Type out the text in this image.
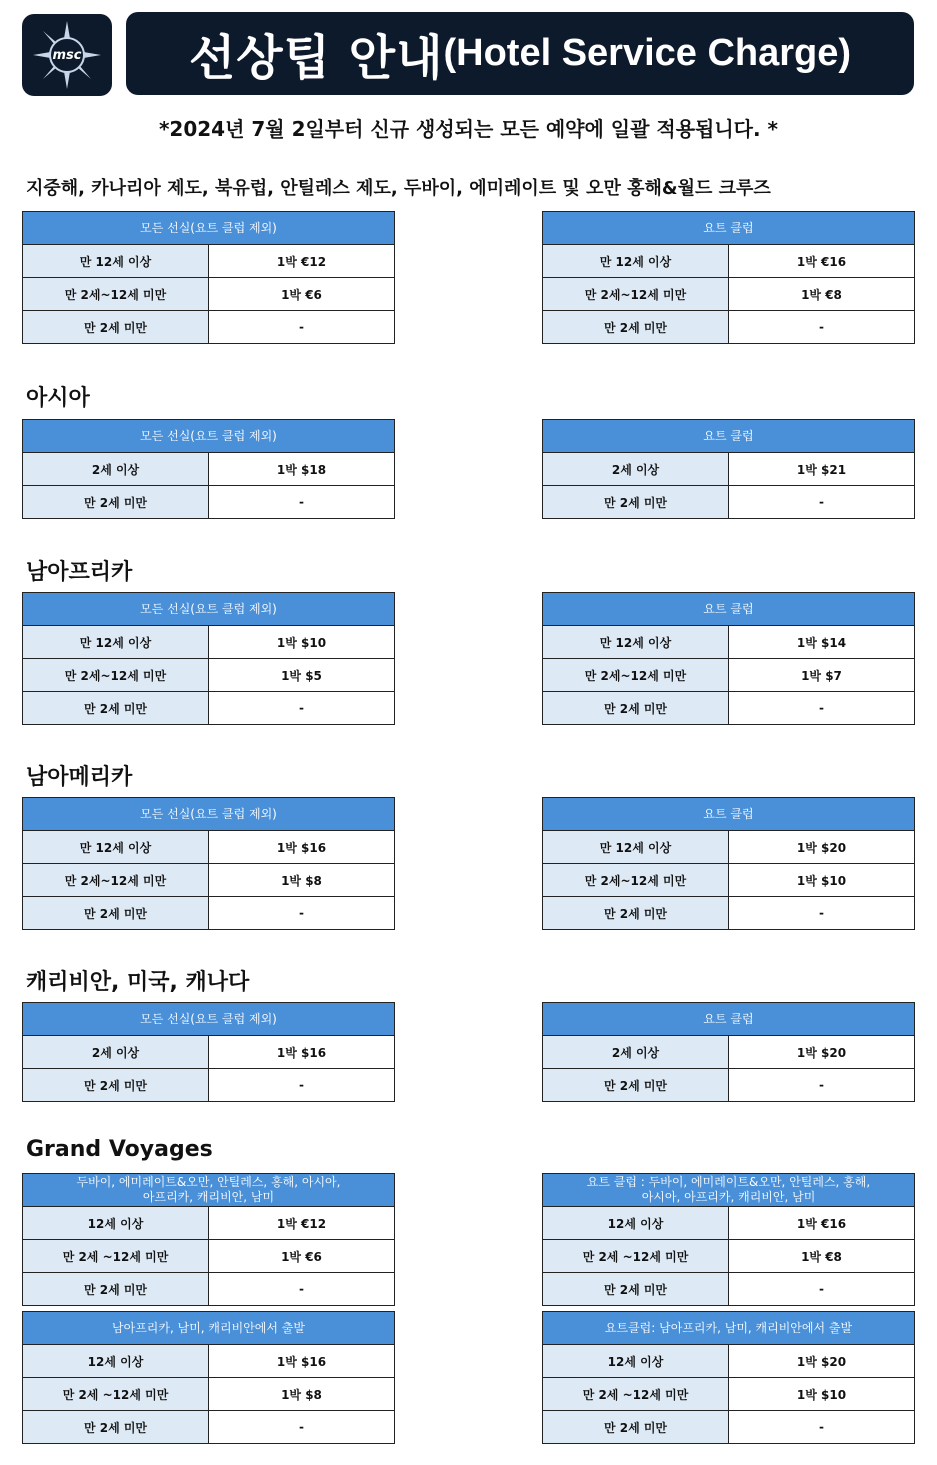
msc 선상팁 안내 (Hotel Service Charge)
*2024년 7월 2일부터 신규 생성되는 모든 예약에 일괄 적용됩니다. *
지중해, 카나리아 제도, 북유럽, 안틸레스 제도, 두바이, 에미레이트 및 오만 홍해&월드 크루즈
모든 선실(요트 클럽 제외)	
만 12세 이상	1박 €12
만 2세~12세 미만	1박 €6
만 2세 미만	-
요트 클럽	
만 12세 이상	1박 €16
만 2세~12세 미만	1박 €8
만 2세 미만	-
아시아
모든 선실(요트 클럽 제외)	
2세 이상	1박 $18
만 2세 미만	-
요트 클럽	
2세 이상	1박 $21
만 2세 미만	-
남아프리카
모든 선실(요트 클럽 제외)	
만 12세 이상	1박 $10
만 2세~12세 미만	1박 $5
만 2세 미만	-
요트 클럽	
만 12세 이상	1박 $14
만 2세~12세 미만	1박 $7
만 2세 미만	-
남아메리카
모든 선실(요트 클럽 제외)	
만 12세 이상	1박 $16
만 2세~12세 미만	1박 $8
만 2세 미만	-
요트 클럽	
만 12세 이상	1박 $20
만 2세~12세 미만	1박 $10
만 2세 미만	-
캐리비안, 미국, 캐나다
모든 선실(요트 클럽 제외)	
2세 이상	1박 $16
만 2세 미만	-
요트 클럽	
2세 이상	1박 $20
만 2세 미만	-
Grand Voyages
두바이, 에미레이트&오만, 안틸레스, 홍해, 아시아,
아프리카, 캐리비안, 남미	
12세 이상	1박 €12
만 2세 ~12세 미만	1박 €6
만 2세 미만	-
요트 클럽 : 두바이, 에미레이트&오만, 안틸레스, 홍해,
아시아, 아프리카, 캐리비안, 남미	
12세 이상	1박 €16
만 2세 ~12세 미만	1박 €8
만 2세 미만	-
남아프리카, 남미, 캐리비안에서 출발	
12세 이상	1박 $16
만 2세 ~12세 미만	1박 $8
만 2세 미만	-
요트클럽: 남아프리카, 남미, 캐리비안에서 출발	
12세 이상	1박 $20
만 2세 ~12세 미만	1박 $10
만 2세 미만	-
